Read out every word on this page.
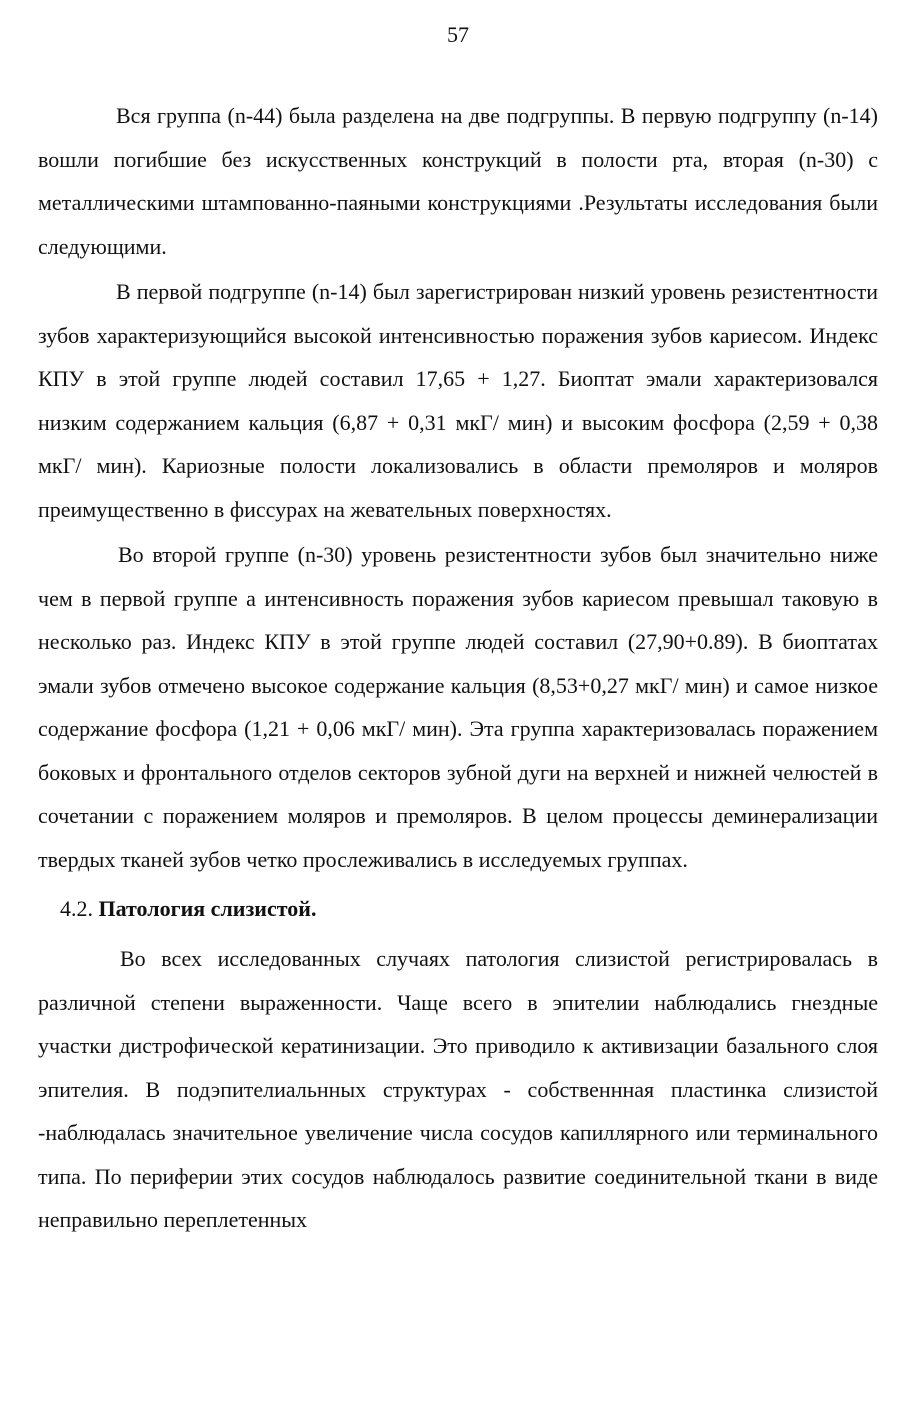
57

Вся группа (n-44) была разделена на две подгруппы. В первую подгруппу (n-14) вошли погибшие без искусственных конструкций в полости рта, вторая (n-30) с металлическими штампованно-паяными конструкциями .Результаты исследования были следующими.

В первой подгруппе (n-14) был зарегистрирован низкий уровень резистентности зубов характеризующийся высокой интенсивностью поражения зубов кариесом. Индекс КПУ в этой группе людей составил 17,65 + 1,27. Биоптат эмали характеризовался низким содержанием кальция (6,87 + 0,31 мкГ/ мин) и высоким фосфора (2,59 + 0,38 мкГ/ мин). Кариозные полости локализовались в области премоляров и моляров преимущественно в фиссурах на жевательных поверхностях.

Во второй группе (n-30) уровень резистентности зубов был значительно ниже чем в первой группе а интенсивность поражения зубов кариесом превышал таковую в несколько раз. Индекс КПУ в этой группе людей составил (27,90+0.89). В биоптатах эмали зубов отмечено высокое содержание кальция (8,53+0,27 мкГ/ мин) и самое низкое содержание фосфора (1,21 + 0,06 мкГ/ мин). Эта группа характеризовалась поражением боковых и фронтального отделов секторов зубной дуги на верхней и нижней челюстей в сочетании с поражением моляров и премоляров. В целом процессы деминерализации твердых тканей зубов четко прослеживались в исследуемых группах.

4.2. Патология слизистой.

Во всех исследованных случаях патология слизистой регистрировалась в различной степени выраженности. Чаще всего в эпителии наблюдались гнездные участки дистрофической кератинизации. Это приводило к активизации базального слоя эпителия. В подэпителиальнных структурах - собственнная пластинка слизистой -наблюдалась значительное увеличение числа сосудов капиллярного или терминального типа. По периферии этих сосудов наблюдалось развитие соединительной ткани в виде неправильно переплетенных
